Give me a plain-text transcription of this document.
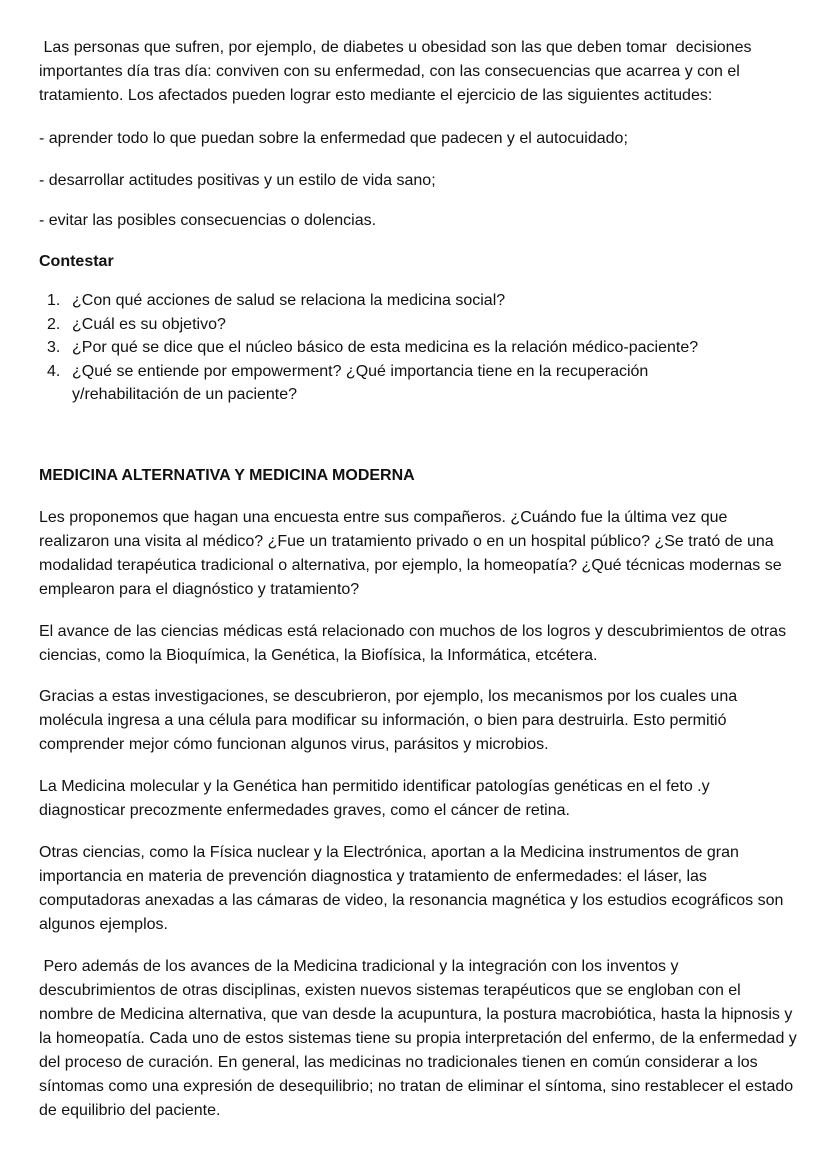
Las personas que sufren, por ejemplo, de diabetes u obesidad son las que deben tomar  decisiones importantes día tras día: conviven con su enfermedad, con las consecuencias que acarrea y con el tratamiento. Los afectados pueden lograr esto mediante el ejercicio de las siguientes actitudes:

- aprender todo lo que puedan sobre la enfermedad que padecen y el autocuidado;

- desarrollar actitudes positivas y un estilo de vida sano;

- evitar las posibles consecuencias o dolencias.

Contestar

1. ¿Con qué acciones de salud se relaciona la medicina social?
2. ¿Cuál es su objetivo?
3. ¿Por qué se dice que el núcleo básico de esta medicina es la relación médico-paciente?
4. ¿Qué se entiende por empowerment? ¿Qué importancia tiene en la recuperación y/rehabilitación de un paciente?

MEDICINA ALTERNATIVA Y MEDICINA MODERNA

Les proponemos que hagan una encuesta entre sus compañeros. ¿Cuándo fue la última vez que realizaron una visita al médico? ¿Fue un tratamiento privado o en un hospital público? ¿Se trató de una modalidad terapéutica tradicional o alternativa, por ejemplo, la homeopatía? ¿Qué técnicas modernas se emplearon para el diagnóstico y tratamiento?

El avance de las ciencias médicas está relacionado con muchos de los logros y descubrimientos de otras ciencias, como la Bioquímica, la Genética, la Biofísica, la Informática, etcétera.

Gracias a estas investigaciones, se descubrieron, por ejemplo, los mecanismos por los cuales una molécula ingresa a una célula para modificar su información, o bien para destruirla. Esto permitió comprender mejor cómo funcionan algunos virus, parásitos y microbios.

La Medicina molecular y la Genética han permitido identificar patologías genéticas en el feto .y diagnosticar precozmente enfermedades graves, como el cáncer de retina.

Otras ciencias, como la Física nuclear y la Electrónica, aportan a la Medicina instrumentos de gran importancia en materia de prevención diagnostica y tratamiento de enfermedades: el láser, las computadoras anexadas a las cámaras de video, la resonancia magnética y los estudios ecográficos son algunos ejemplos.

Pero además de los avances de la Medicina tradicional y la integración con los inventos y descubrimientos de otras disciplinas, existen nuevos sistemas terapéuticos que se engloban con el nombre de Medicina alternativa, que van desde la acupuntura, la postura macrobiótica, hasta la hipnosis y la homeopatía. Cada uno de estos sistemas tiene su propia interpretación del enfermo, de la enfermedad y del proceso de curación. En general, las medicinas no tradicionales tienen en común considerar a los síntomas como una expresión de desequilibrio; no tratan de eliminar el síntoma, sino restablecer el estado de equilibrio del paciente.
